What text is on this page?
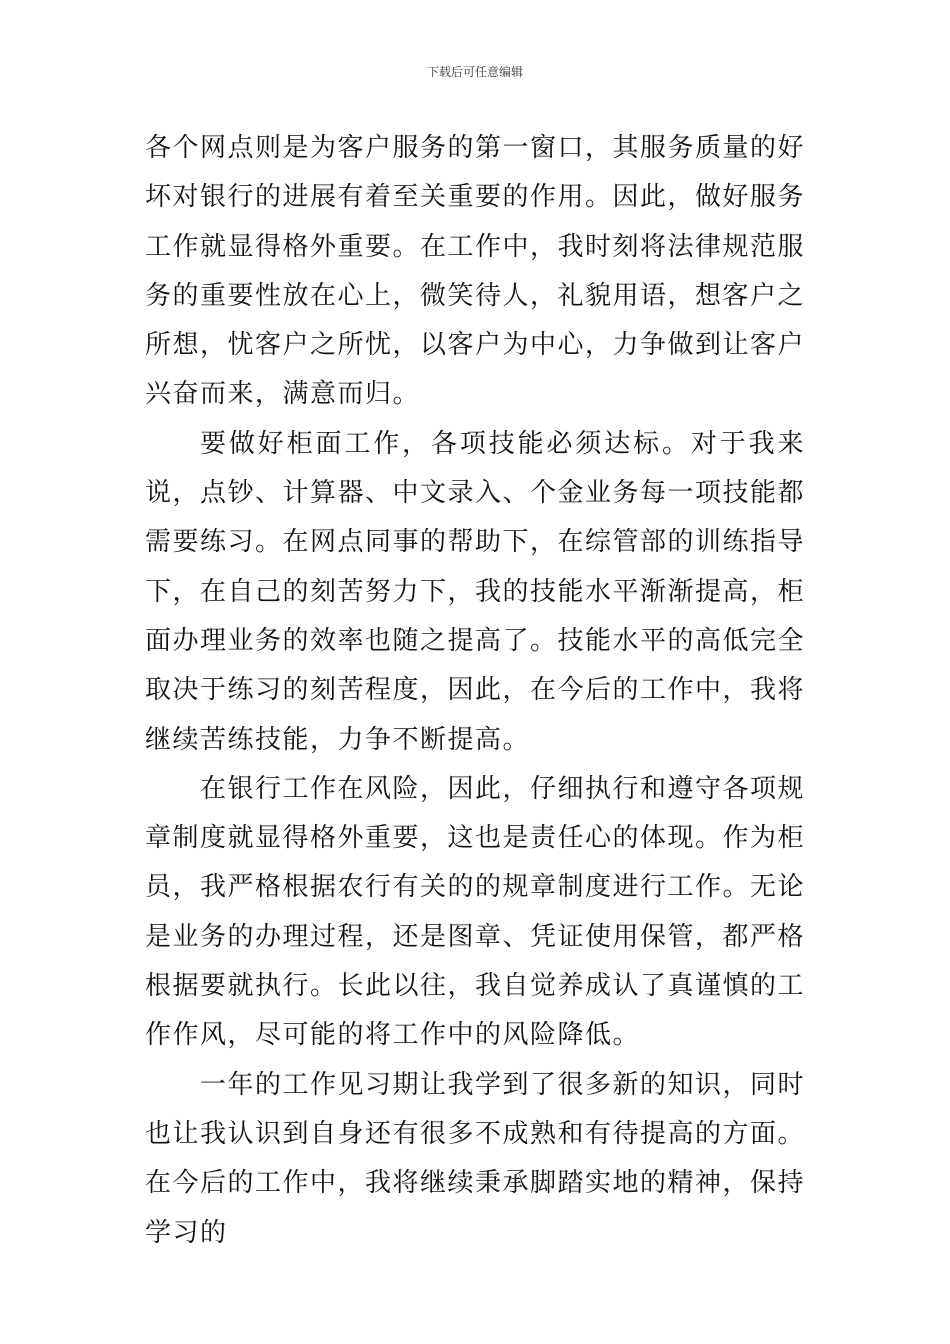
下载后可任意编辑

各个网点则是为客户服务的第一窗口，其服务质量的好坏对银行的进展有着至关重要的作用。因此，做好服务工作就显得格外重要。在工作中，我时刻将法律规范服务的重要性放在心上，微笑待人，礼貌用语，想客户之所想，忧客户之所忧，以客户为中心，力争做到让客户兴奋而来，满意而归。

要做好柜面工作，各项技能必须达标。对于我来说，点钞、计算器、中文录入、个金业务每一项技能都需要练习。在网点同事的帮助下，在综管部的训练指导下，在自己的刻苦努力下，我的技能水平渐渐提高，柜面办理业务的效率也随之提高了。技能水平的高低完全取决于练习的刻苦程度，因此，在今后的工作中，我将继续苦练技能，力争不断提高。

在银行工作在风险，因此，仔细执行和遵守各项规章制度就显得格外重要，这也是责任心的体现。作为柜员，我严格根据农行有关的的规章制度进行工作。无论是业务的办理过程，还是图章、凭证使用保管，都严格根据要就执行。长此以往，我自觉养成认了真谨慎的工作作风，尽可能的将工作中的风险降低。

一年的工作见习期让我学到了很多新的知识，同时也让我认识到自身还有很多不成熟和有待提高的方面。在今后的工作中，我将继续秉承脚踏实地的精神，保持学习的
